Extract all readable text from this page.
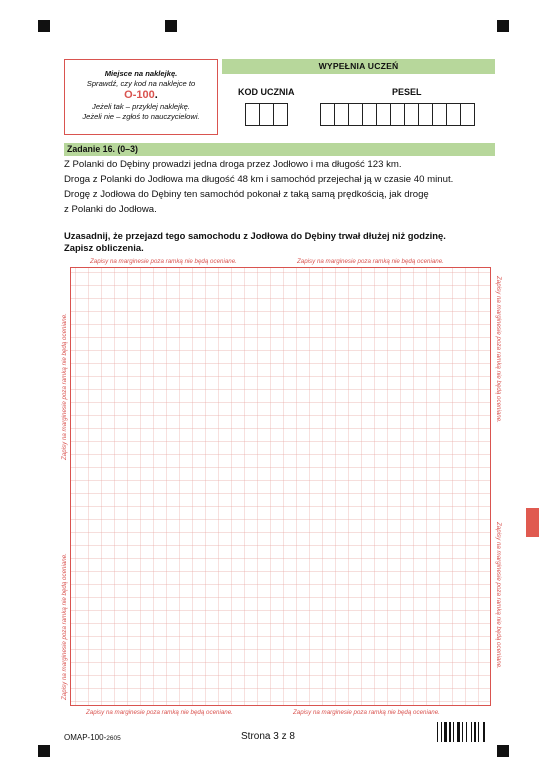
Miejsce na naklejkę.
Sprawdź, czy kod na naklejce to
O-100.
Jeżeli tak – przyklej naklejkę.
Jeżeli nie – zgłoś to nauczycielowi.
WYPEŁNIA UCZEŃ
KOD UCZNIA	PESEL
Zadanie 16. (0–3)
Z Polanki do Dębiny prowadzi jedna droga przez Jodłowo i ma długość 123 km.
Droga z Polanki do Jodłowa ma długość 48 km i samochód przejechał ją w czasie 40 minut.
Drogę z Jodłowa do Dębiny ten samochód pokonał z taką samą prędkością, jak drogę
z Polanki do Jodłowa.
Uzasadnij, że przejazd tego samochodu z Jodłowa do Dębiny trwał dłużej niż godzinę.
Zapisz obliczenia.
Zapisy na marginesie poza ramką nie będą oceniane.	Zapisy na marginesie poza ramką nie będą oceniane.
Zapisy na marginesie poza ramką nie będą oceniane.	Zapisy na marginesie poza ramką nie będą oceniane.
Zapisy na marginesie poza ramką nie będą oceniane.
Zapisy na marginesie poza ramką nie będą oceniane.
Zapisy na marginesie poza ramką nie będą oceniane.
Zapisy na marginesie poza ramką nie będą oceniane.
OMAP-100-2605	Strona 3 z 8
